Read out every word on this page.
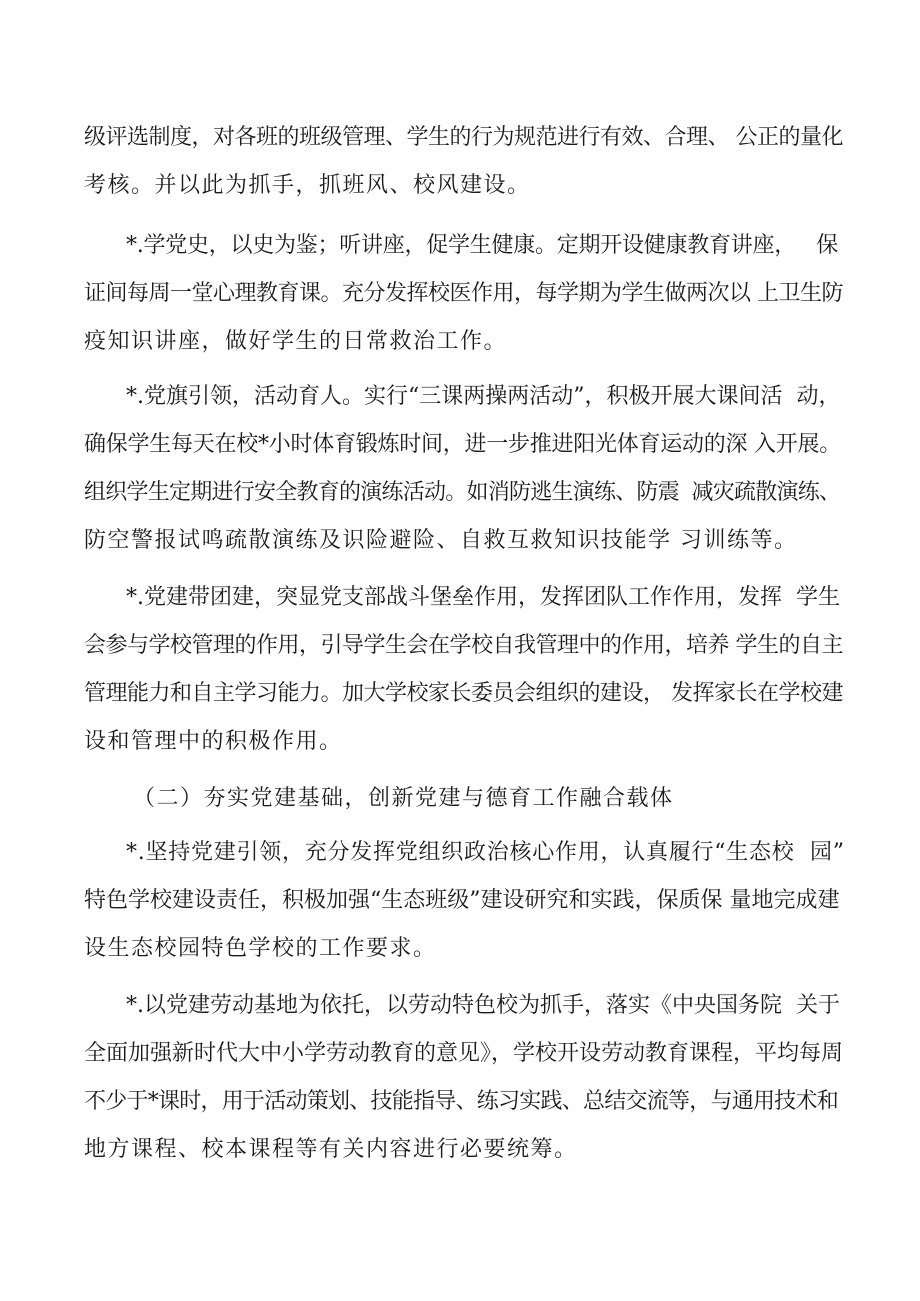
级评选制度，对各班的班级管理、学生的行为规范进行有效、合理、 公正的量化
考核。并以此为抓手，抓班风、校风建设。
*.学党史，以史为鉴；听讲座，促学生健康。定期开设健康教育讲座，   保
证间每周一堂心理教育课。充分发挥校医作用，每学期为学生做两次以 上卫生防
疫知识讲座，做好学生的日常救治工作。
*.党旗引领，活动育人。实行“三课两操两活动”，积极开展大课间活  动，
确保学生每天在校*小时体育锻炼时间，进一步推进阳光体育运动的深 入开展。
组织学生定期进行安全教育的演练活动。如消防逃生演练、防震  减灾疏散演练、
防空警报试鸣疏散演练及识险避险、自救互救知识技能学 习训练等。
*.党建带团建，突显党支部战斗堡垒作用，发挥团队工作作用，发挥  学生
会参与学校管理的作用，引导学生会在学校自我管理中的作用，培养 学生的自主
管理能力和自主学习能力。加大学校家长委员会组织的建设， 发挥家长在学校建
设和管理中的积极作用。
（二）夯实党建基础，创新党建与德育工作融合载体
*.坚持党建引领，充分发挥党组织政治核心作用，认真履行“生态校  园”
特色学校建设责任，积极加强“生态班级”建设研究和实践，保质保 量地完成建
设生态校园特色学校的工作要求。
*.以党建劳动基地为依托，以劳动特色校为抓手，落实《中央国务院  关于
全面加强新时代大中小学劳动教育的意见》，学校开设劳动教育课程，平均每周
不少于*课时，用于活动策划、技能指导、练习实践、总结交流等，与通用技术和
地方课程、校本课程等有关内容进行必要统筹。
